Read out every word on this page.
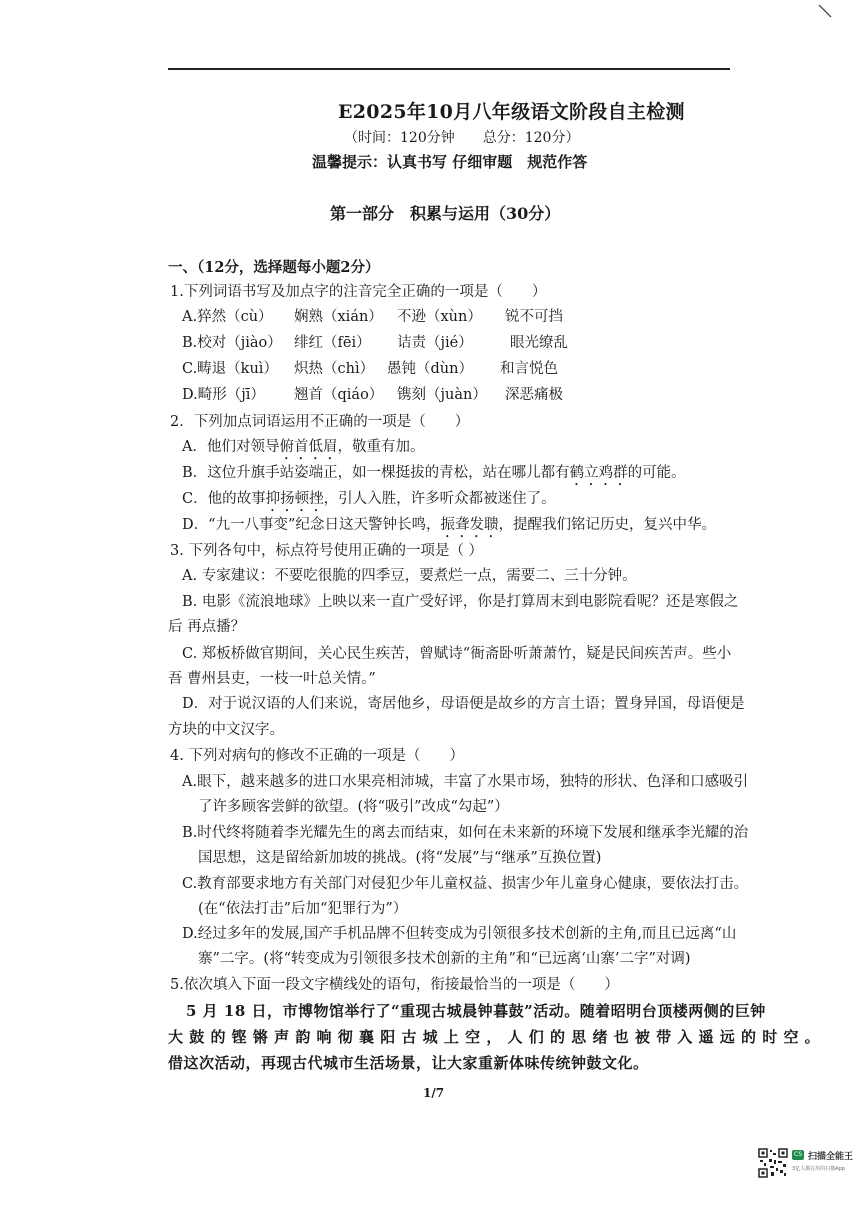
E2025年10月八年级语文阶段自主检测
（时间：120分钟　　总分：120分）
温馨提示：认真书写 仔细审题　规范作答
第一部分　积累与运用（30分）
一、（12分，选择题每小题2分）
1.下列词语书写及加点字的注音完全正确的一项是（　　）
A.猝然（cù） 娴熟（xián） 不逊（xùn） 锐不可挡
B.校对（jiào） 绯红（fēi） 诘责（jié）	眼光缭乱
C.畴退（kuì） 炽热（chì） 愚钝（dùn） 和言悦色
D.畸形（jī） 翘首（qiáo） 镌刻（juàn） 深恶痛极
2．下列加点词语运用不正确的一项是（　　）
A．他们对领导俯首低眉，敬重有加。
B．这位升旗手站姿端正，如一棵挺拔的青松，站在哪儿都有鹤立鸡群的可能。
C．他的故事抑扬顿挫，引人入胜，许多听众都被迷住了。
D．“九一八事变”纪念日这天警钟长鸣，振聋发聩，提醒我们铭记历史，复兴中华。
3. 下列各句中，标点符号使用正确的一项是（ ）
A. 专家建议：不要吃很脆的四季豆，要煮烂一点，需要二、三十分钟。
B. 电影《流浪地球》上映以来一直广受好评，你是打算周末到电影院看呢？还是寒假之
后 再点播？
C. 郑板桥做官期间，关心民生疾苦，曾赋诗“衙斋卧听萧萧竹，疑是民间疾苦声。些小
吾 曹州县吏，一枝一叶总关情。”
D．对于说汉语的人们来说，寄居他乡，母语便是故乡的方言土语；置身异国，母语便是
方块的中文汉字。
4. 下列对病句的修改不正确的一项是（　　）
A.眼下，越来越多的进口水果亮相沛城，丰富了水果市场，独特的形状、色泽和口感吸引
了许多顾客尝鲜的欲望。(将“吸引”改成“勾起”）
B.时代终将随着李光耀先生的离去而结束，如何在未来新的环境下发展和继承李光耀的治
国思想，这是留给新加坡的挑战。(将“发展”与“继承”互换位置)
C.教育部要求地方有关部门对侵犯少年儿童权益、损害少年儿童身心健康，要依法打击。
(在“依法打击”后加“犯罪行为”）
D.经过多年的发展,国产手机品牌不但转变成为引领很多技术创新的主角,而且已远离“山
寨”二字。(将“转变成为引领很多技术创新的主角”和“已远离‘山寨’二字”对调)
5.依次填入下面一段文字横线处的语句，衔接最恰当的一项是（　　）
5 月 18 日，市博物馆举行了“重现古城晨钟暮鼓”活动。随着昭明台顶楼两侧的巨钟
大 鼓 的 铿 锵 声 韵 响 彻 襄 阳 古 城 上 空 ， 人 们 的 思 绪 也 被 带 入 遥 远 的 时 空 。
借这次活动，再现古代城市生活场景，让大家重新体味传统钟鼓文化。
1/7
CS 扫描全能王
3亿人都在用的扫描App
